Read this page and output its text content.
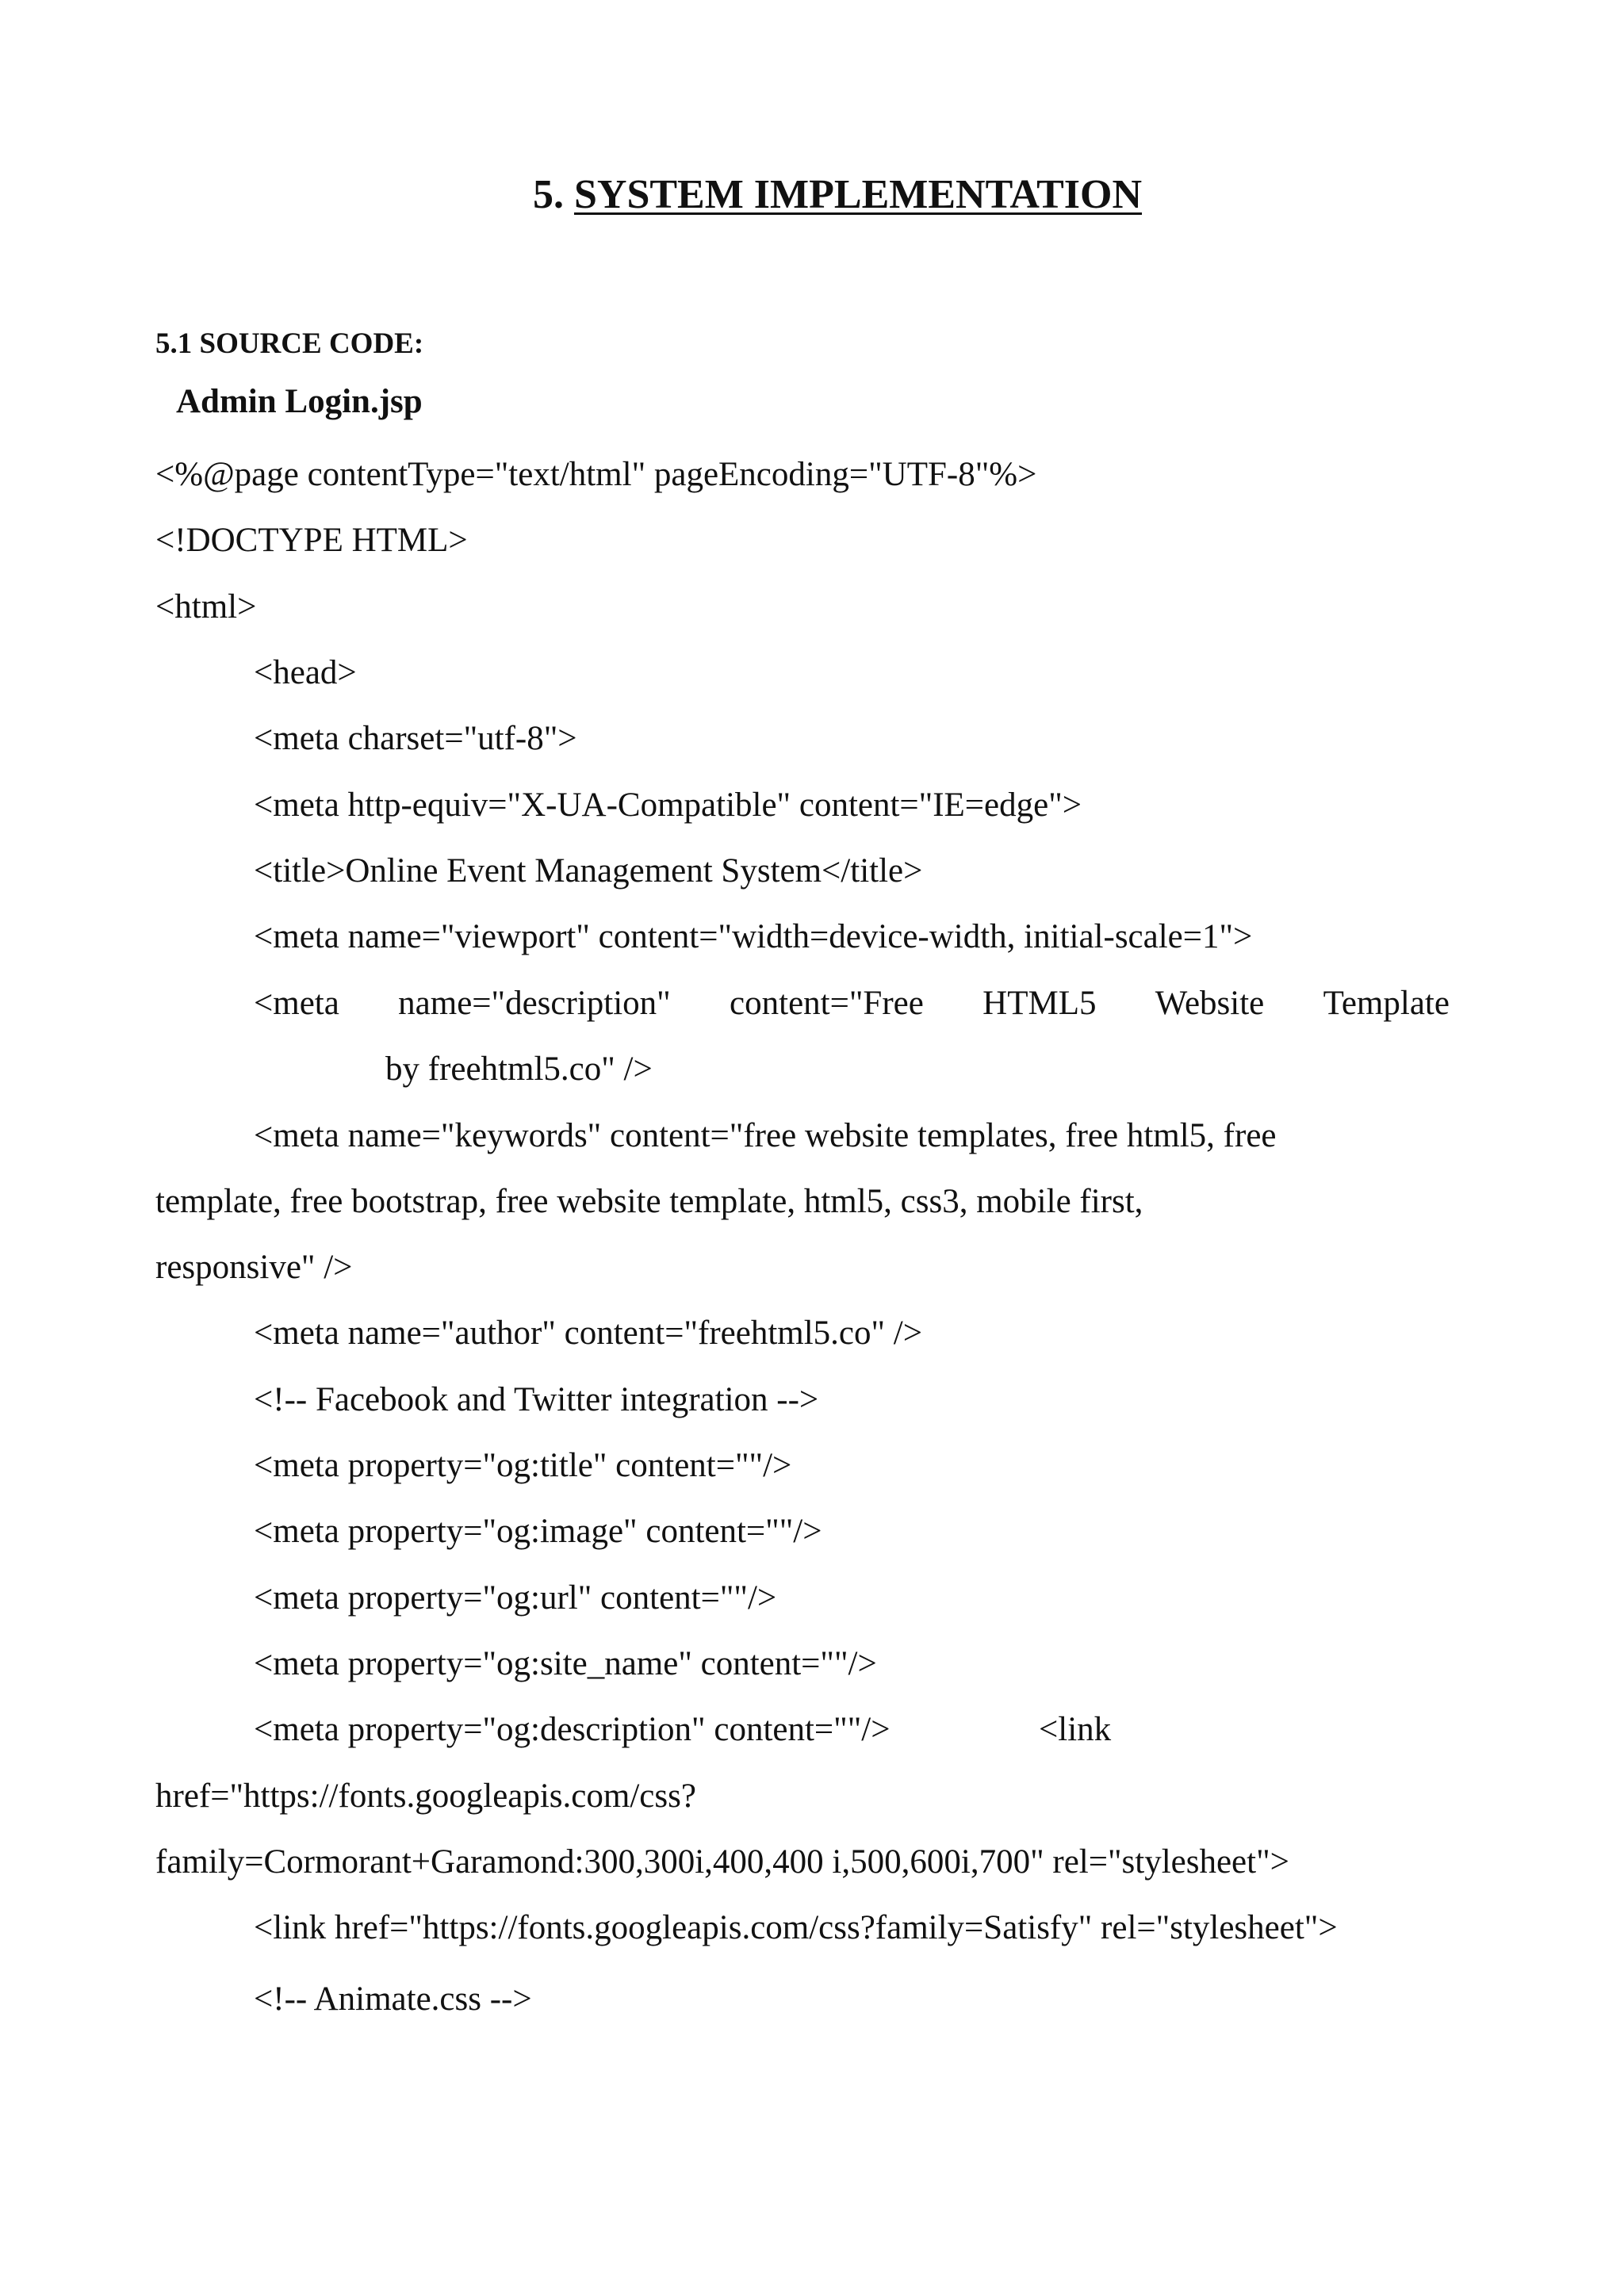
5. SYSTEM IMPLEMENTATION
5.1 SOURCE CODE:
Admin Login.jsp
<%@page contentType="text/html" pageEncoding="UTF-8"%>
<!DOCTYPE HTML>
<html>
<head>
<meta charset="utf-8">
<meta http-equiv="X-UA-Compatible" content="IE=edge">
<title>Online Event Management System</title>
<meta name="viewport" content="width=device-width, initial-scale=1">
<meta name="description" content="Free HTML5 Website Template
by freehtml5.co" />
<meta name="keywords" content="free website templates, free html5, free
template, free bootstrap, free website template, html5, css3, mobile first,
responsive" />
<meta name="author" content="freehtml5.co" />
<!-- Facebook and Twitter integration -->
<meta property="og:title" content=""/>
<meta property="og:image" content=""/>
<meta property="og:url" content=""/>
<meta property="og:site_name" content=""/>
<meta property="og:description" content=""/>	<link
href="https://fonts.googleapis.com/css?
family=Cormorant+Garamond:300,300i,400,400 i,500,600i,700" rel="stylesheet">
<link href="https://fonts.googleapis.com/css?family=Satisfy" rel="stylesheet">
<!-- Animate.css -->
